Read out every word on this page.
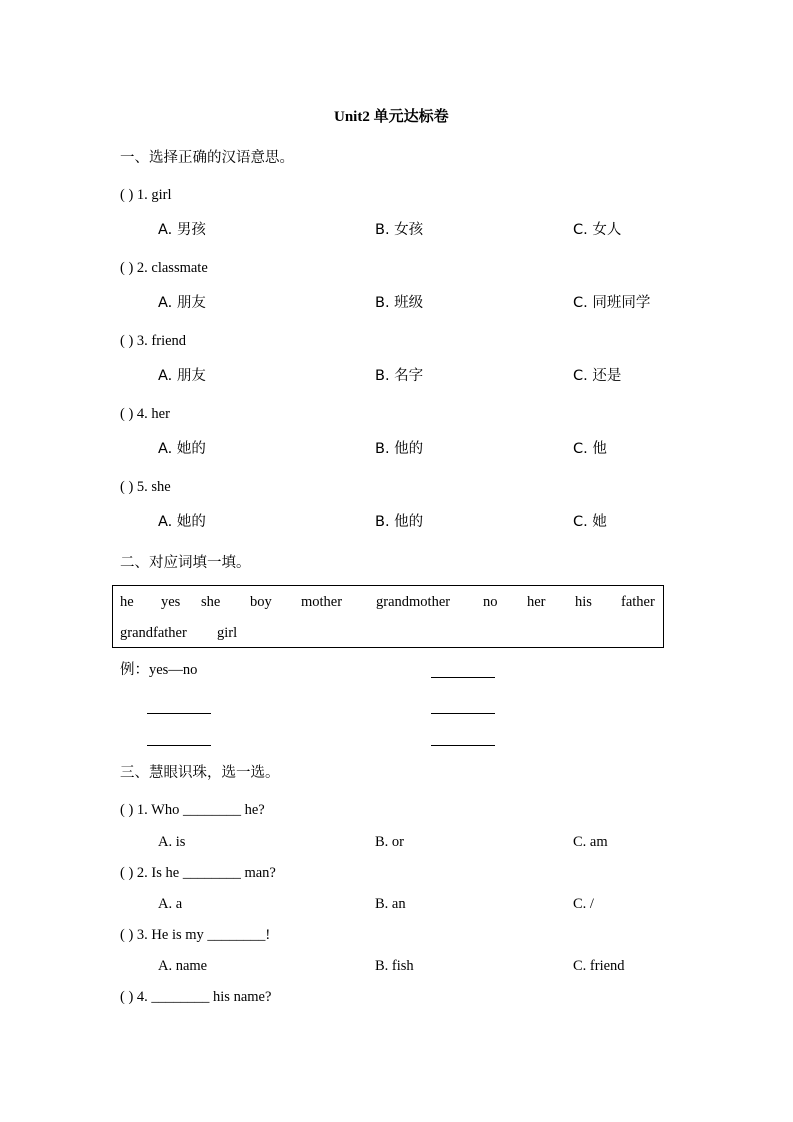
Unit2 单元达标卷
一、选择正确的汉语意思。
( ) 1. girl
A. 男孩	B. 女孩	C. 女人
( ) 2. classmate
A. 朋友	B. 班级	C. 同班同学
( ) 3. friend
A. 朋友	B. 名字	C. 还是
( ) 4. her
A. 她的	B. 他的	C. 他
( ) 5. she
A. 她的	B. 他的	C. 她
二、对应词填一填。
he yes she boy mother grandmother no her his father
grandfather girl
例：yes—no
三、慧眼识珠，选一选。
( ) 1. Who ________ he?
A. is	B. or	C. am
( ) 2. Is he ________ man?
A. a	B. an	C. /
( ) 3. He is my ________!
A. name	B. fish	C. friend
( ) 4. ________ his name?
